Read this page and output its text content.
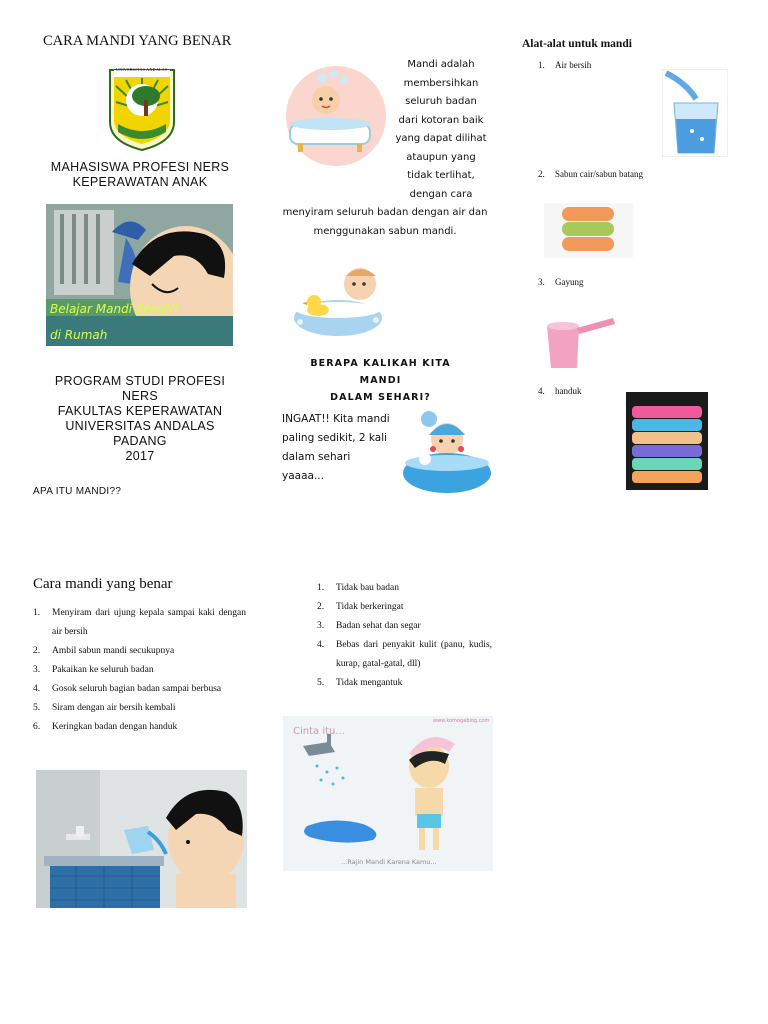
CARA MANDI YANG BENAR
UNIVERSITAS ANDALAS
MAHASISWA PROFESI NERS
KEPERAWATAN ANAK
Belajar Mandi Sendiri
di Rumah
PROGRAM STUDI PROFESI
NERS
FAKULTAS KEPERAWATAN
UNIVERSITAS ANDALAS
PADANG
2017
APA ITU MANDI??
Mandi adalah
membersihkan
seluruh badan
dari kotoran baik
yang dapat dilihat
ataupun yang
tidak terlihat,
dengan cara
menyiram seluruh badan dengan air dan
menggunakan sabun mandi.
BERAPA KALIKAH KITA MANDI
DALAM SEHARI?
INGAAT!! Kita mandi
paling sedikit, 2 kali
dalam sehari yaaaa...
Alat-alat untuk mandi
1. Air bersih
2. Sabun cair/sabun batang
3. Gayung
4. handuk
Cara mandi yang benar
1.	Menyiram dari ujung kepala sampai kaki dengan air bersih
2.	Ambil sabun mandi secukupnya
3.	Pakaikan ke seluruh badan
4.	Gosok seluruh bagian badan sampai berbusa
5.	Siram dengan air bersih kembali
6.	Keringkan badan dengan handuk
1.	Tidak bau badan
2.	Tidak berkeringat
3.	Badan sehat dan segar
4.	Bebas dari penyakit kulit (panu, kudis, kurap, gatal-gatal, dll)
5.	Tidak mengantuk
Cinta itu...
www.komogablog.com
...Rajin Mandi Karena Kamu...
